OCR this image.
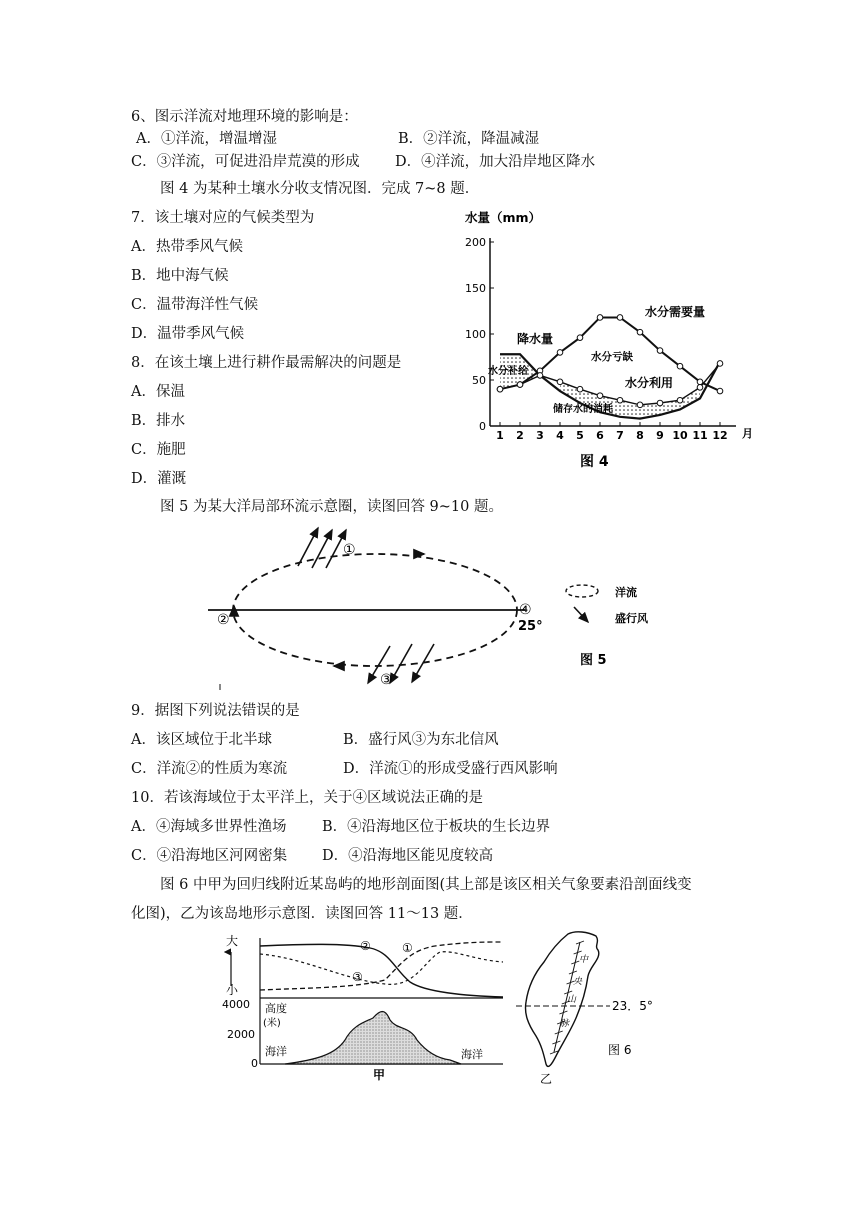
6、图示洋流对地理环境的影响是：
A．①洋流，增温增湿	B．②洋流，降温减湿
C．③洋流，可促进沿岸荒漠的形成 D．④洋流，加大沿岸地区降水
图 4 为某种土壤水分收支情况图．完成 7~8 题．
7．该土壤对应的气候类型为
A．热带季风气候
B．地中海气候
C．温带海洋性气候
D．温带季风气候
8．在该土壤上进行耕作最需解决的问题是
A．保温
B．排水
C．施肥
D．灌溉
水量（mm）
0
50
100
150
200
1 2 3 4 5 6 7 8 9 10 11 12 月
降水量
水分需要量
水分亏缺
水分利用
水分补给
储存水的消耗
图 4
图 5 为某大洋局部环流示意圈，读图回答 9~10 题。
①
②
③
④
25°
洋流
盛行风
图 5
9．据图下列说法错误的是
A．该区域位于北半球	B．盛行风③为东北信风
C．洋流②的性质为寒流	D．洋流①的形成受盛行西风影响
10．若该海域位于太平洋上，关于④区域说法正确的是
A．④海域多世界性渔场 B．④沿海地区位于板块的生长边界
C．④沿海地区河网密集 D．④沿海地区能见度较高
图 6 中甲为回归线附近某岛屿的地形剖面图(其上部是该区相关气象要素沿剖面线变
化图)，乙为该岛地形示意图．读图回答 11～13 题．
大
小
②	①
③
4000
2000
0
高度
(米)
海洋	海洋
甲
23．5°
中
央
山
脉
图 6
乙
